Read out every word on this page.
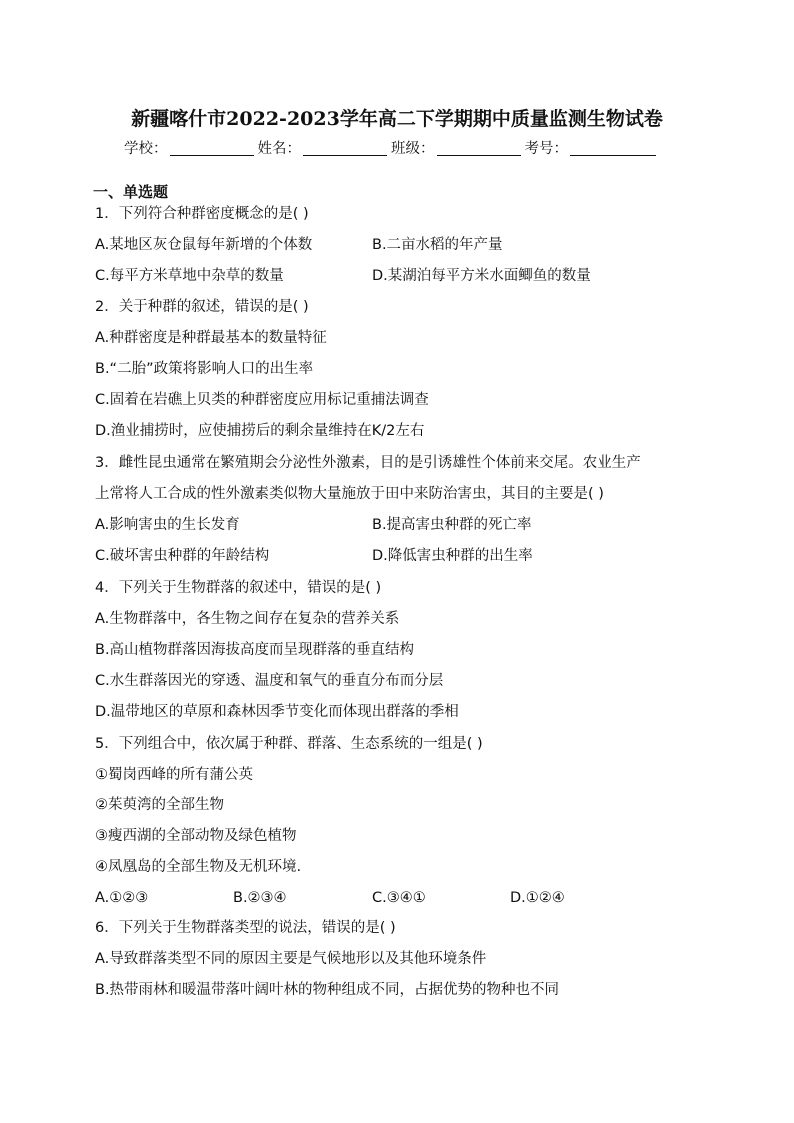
新疆喀什市2022-2023学年高二下学期期中质量监测生物试卷
学校：	姓名：	班级：	考号：
一、单选题
1．下列符合种群密度概念的是( )
A.某地区灰仓鼠每年新增的个体数	B.二亩水稻的年产量
C.每平方米草地中杂草的数量	D.某湖泊每平方米水面鲫鱼的数量
2．关于种群的叙述，错误的是( )
A.种群密度是种群最基本的数量特征
B.“二胎”政策将影响人口的出生率
C.固着在岩礁上贝类的种群密度应用标记重捕法调查
D.渔业捕捞时，应使捕捞后的剩余量维持在K/2左右
3．雌性昆虫通常在繁殖期会分泌性外激素，目的是引诱雄性个体前来交尾。农业生产
上常将人工合成的性外激素类似物大量施放于田中来防治害虫，其目的主要是( )
A.影响害虫的生长发育	B.提高害虫种群的死亡率
C.破坏害虫种群的年龄结构	D.降低害虫种群的出生率
4．下列关于生物群落的叙述中，错误的是( )
A.生物群落中，各生物之间存在复杂的营养关系
B.高山植物群落因海拔高度而呈现群落的垂直结构
C.水生群落因光的穿透、温度和氧气的垂直分布而分层
D.温带地区的草原和森林因季节变化而体现出群落的季相
5．下列组合中，依次属于种群、群落、生态系统的一组是( )
①蜀岗西峰的所有蒲公英
②茱萸湾的全部生物
③瘦西湖的全部动物及绿色植物
④凤凰岛的全部生物及无机环境.
A.①②③	B.②③④	C.③④①	D.①②④
6．下列关于生物群落类型的说法，错误的是( )
A.导致群落类型不同的原因主要是气候地形以及其他环境条件
B.热带雨林和暖温带落叶阔叶林的物种组成不同，占据优势的物种也不同
